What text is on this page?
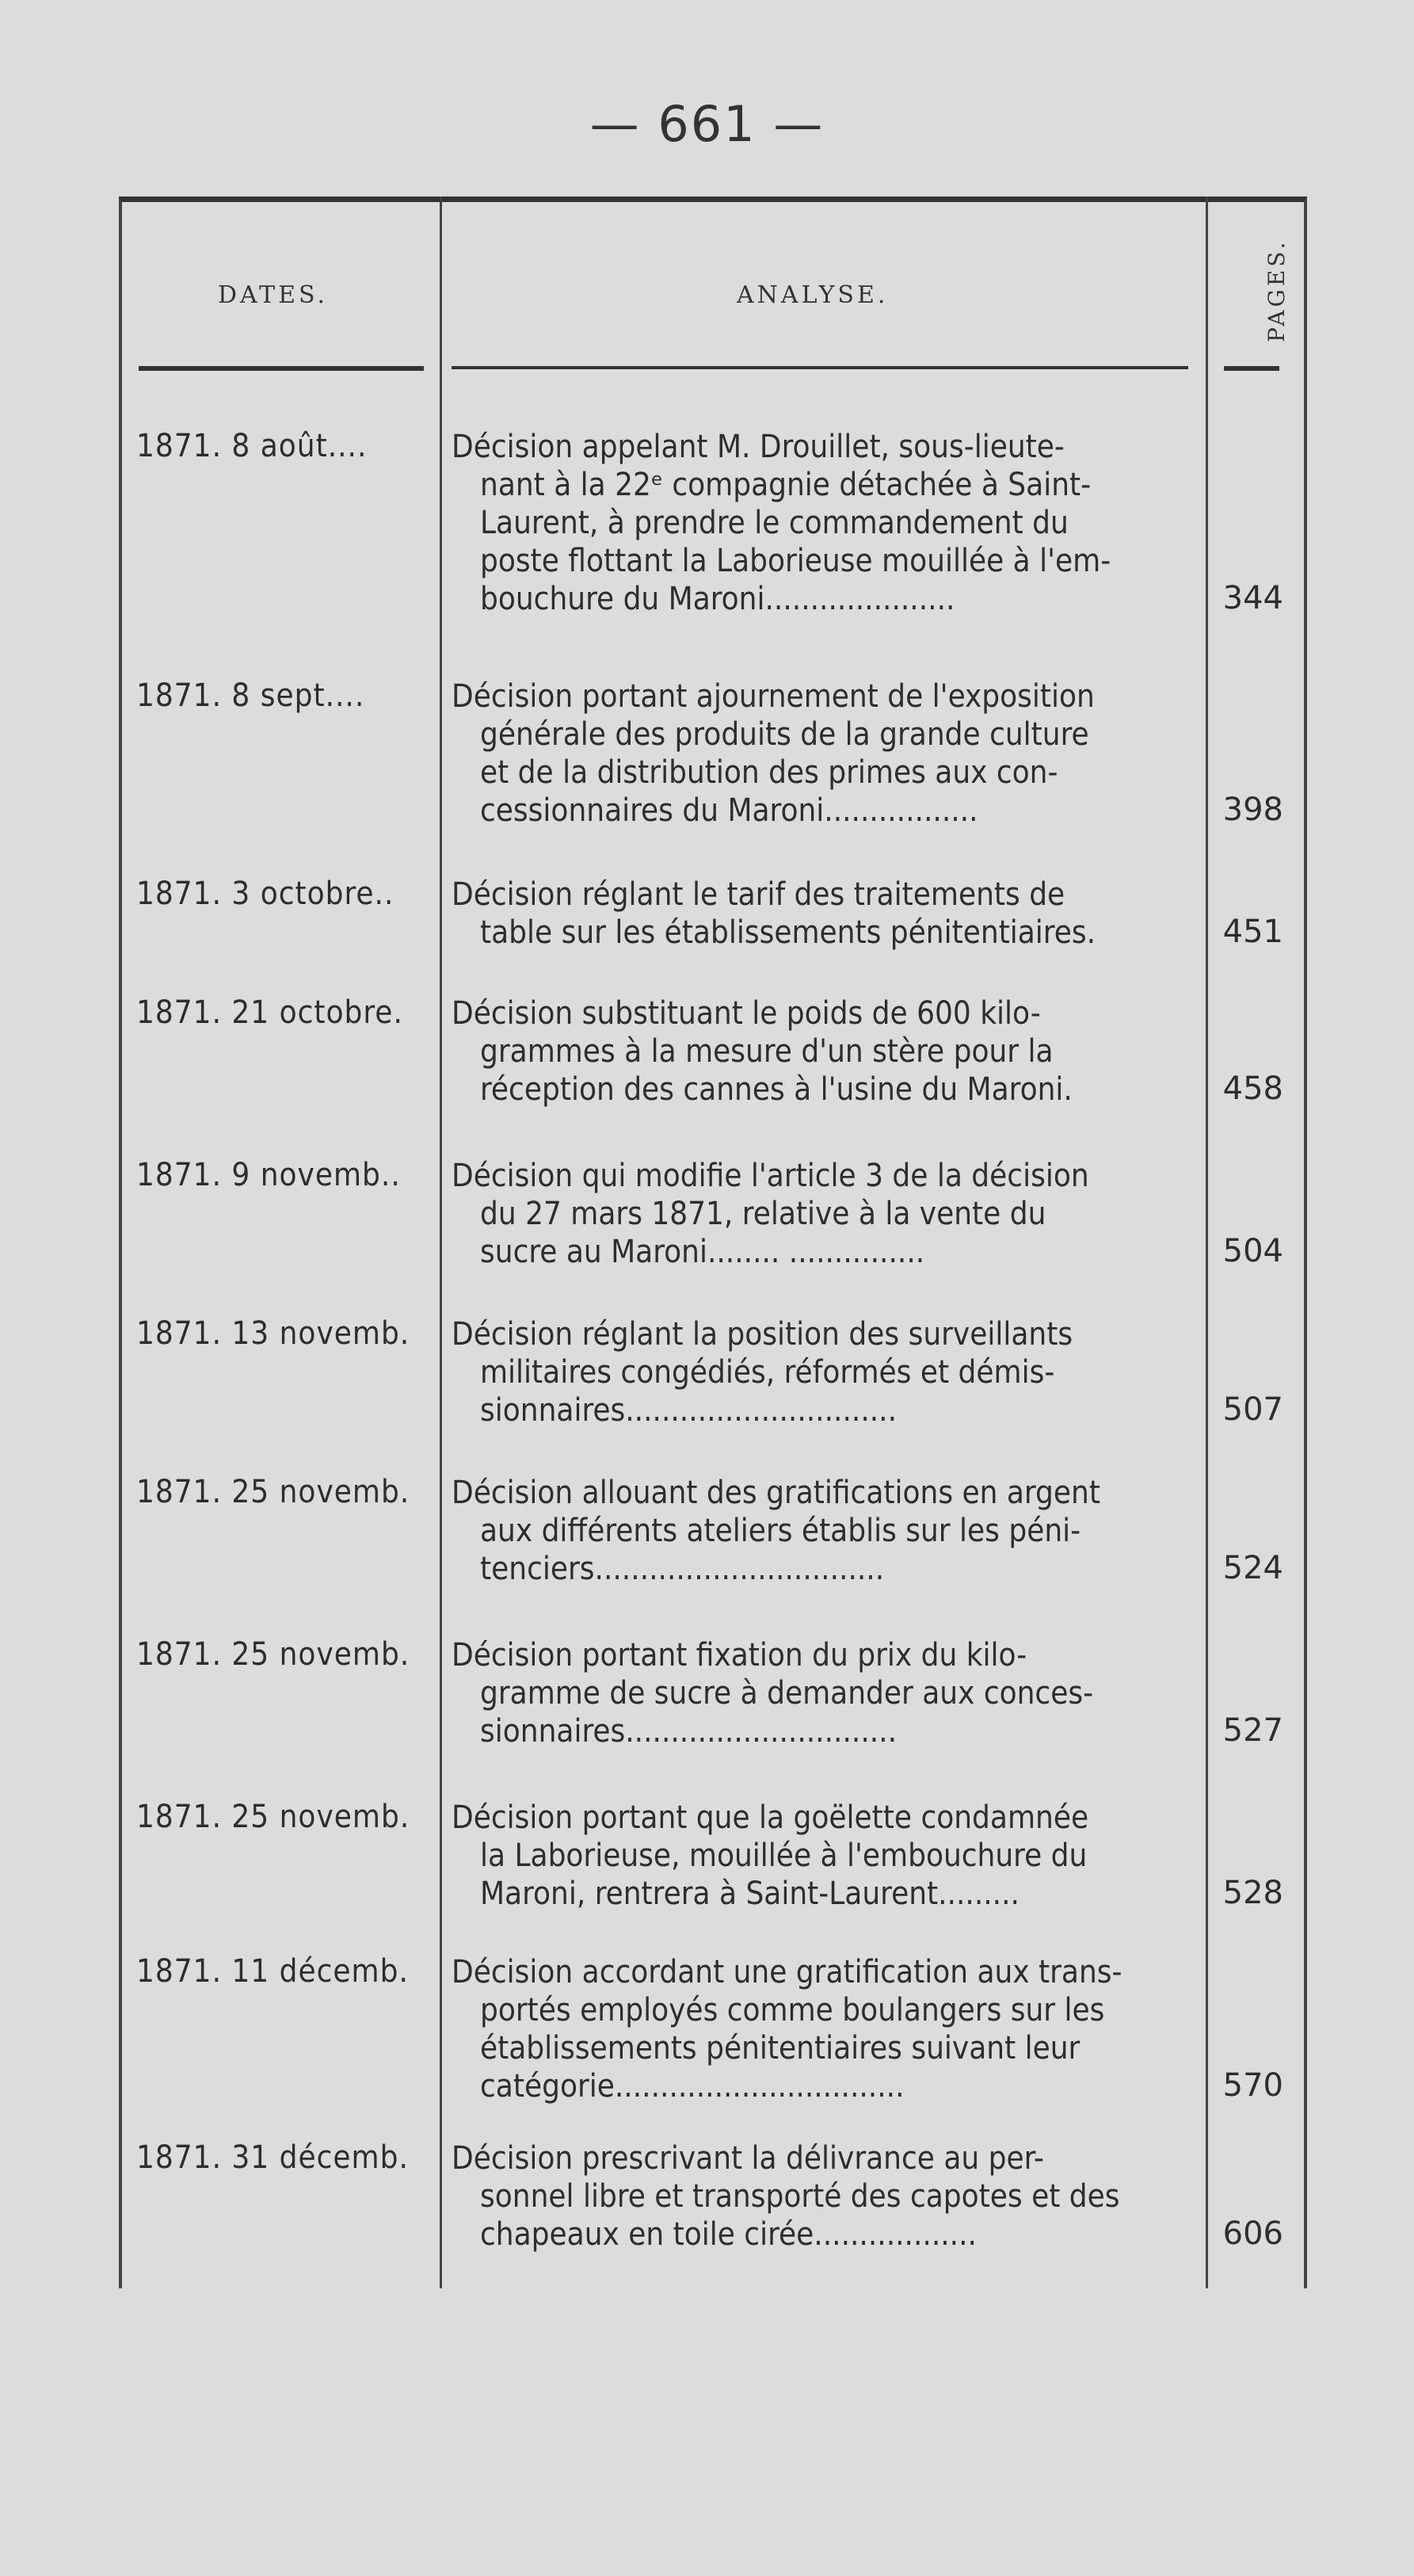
— 661 —
DATES.	ANALYSE.	PAGES.
1871. 8 août....	Décision appelant M. Drouillet, sous-lieute-
nant à la 22ᵉ compagnie détachée à Saint-
Laurent, à prendre le commandement du
poste flottant la Laborieuse mouillée à l'em-
bouchure du Maroni.....................	344
1871. 8 sept....	Décision portant ajournement de l'exposition
générale des produits de la grande culture
et de la distribution des primes aux con-
cessionnaires du Maroni.................	398
1871. 3 octobre.. Décision réglant le tarif des traitements de
table sur les établissements pénitentiaires.	451
1871. 21 octobre. Décision substituant le poids de 600 kilo-
grammes à la mesure d'un stère pour la
réception des cannes à l'usine du Maroni.	458
1871. 9 novemb.. Décision qui modifie l'article 3 de la décision
du 27 mars 1871, relative à la vente du
sucre au Maroni........ ...............	504
1871. 13 novemb. Décision réglant la position des surveillants
militaires congédiés, réformés et démis-
sionnaires..............................	507
1871. 25 novemb. Décision allouant des gratifications en argent
aux différents ateliers établis sur les péni-
tenciers................................	524
1871. 25 novemb. Décision portant fixation du prix du kilo-
gramme de sucre à demander aux conces-
sionnaires..............................	527
1871. 25 novemb. Décision portant que la goëlette condamnée
la Laborieuse, mouillée à l'embouchure du
Maroni, rentrera à Saint-Laurent.........	528
1871. 11 décemb. Décision accordant une gratification aux trans-
portés employés comme boulangers sur les
établissements pénitentiaires suivant leur
catégorie................................	570
1871. 31 décemb. Décision prescrivant la délivrance au per-
sonnel libre et transporté des capotes et des
chapeaux en toile cirée..................	606
